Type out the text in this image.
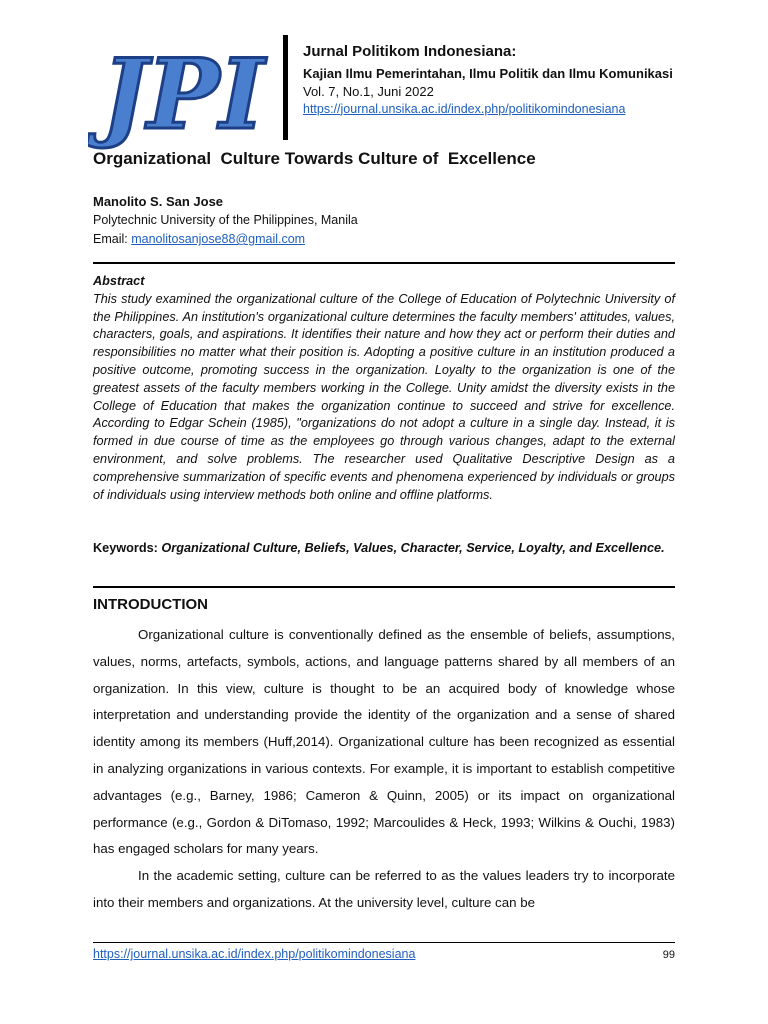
JPI	Jurnal Politikom Indonesiana:
Kajian Ilmu Pemerintahan, Ilmu Politik dan Ilmu Komunikasi
Vol. 7, No.1, Juni 2022
https://journal.unsika.ac.id/index.php/politikomindonesiana
Organizational  Culture Towards Culture of  Excellence
Manolito S. San Jose
Polytechnic University of the Philippines, Manila
Email: manolitosanjose88@gmail.com
Abstract
This study examined the organizational culture of the College of Education of Polytechnic University of the Philippines. An institution's organizational culture determines the faculty members' attitudes, values, characters, goals, and aspirations. It identifies their nature and how they act or perform their duties and responsibilities no matter what their position is. Adopting a positive culture in an institution produced a positive outcome, promoting success in the organization. Loyalty to the organization is one of the greatest assets of the faculty members working in the College. Unity amidst the diversity exists in the College of Education that makes the organization continue to succeed and strive for excellence. According to Edgar Schein (1985), "organizations do not adopt a culture in a single day. Instead, it is formed in due course of time as the employees go through various changes, adapt to the external environment, and solve problems. The researcher used Qualitative Descriptive Design as a comprehensive summarization of specific events and phenomena experienced by individuals or groups of individuals using interview methods both online and offline platforms.
Keywords: Organizational Culture, Beliefs, Values, Character, Service, Loyalty, and Excellence.
INTRODUCTION

Organizational culture is conventionally defined as the ensemble of beliefs, assumptions, values, norms, artefacts, symbols, actions, and language patterns shared by all members of an organization. In this view, culture is thought to be an acquired body of knowledge whose interpretation and understanding provide the identity of the organization and a sense of shared identity among its members (Huff,2014). Organizational culture has been recognized as essential in analyzing organizations in various contexts. For example, it is important to establish competitive advantages (e.g., Barney, 1986; Cameron & Quinn, 2005) or its impact on organizational performance (e.g., Gordon & DiTomaso, 1992; Marcoulides & Heck, 1993; Wilkins & Ouchi, 1983) has engaged scholars for many years.

In the academic setting, culture can be referred to as the values leaders try to incorporate into their members and organizations. At the university level, culture can be

https://journal.unsika.ac.id/index.php/politikomindonesiana	99
